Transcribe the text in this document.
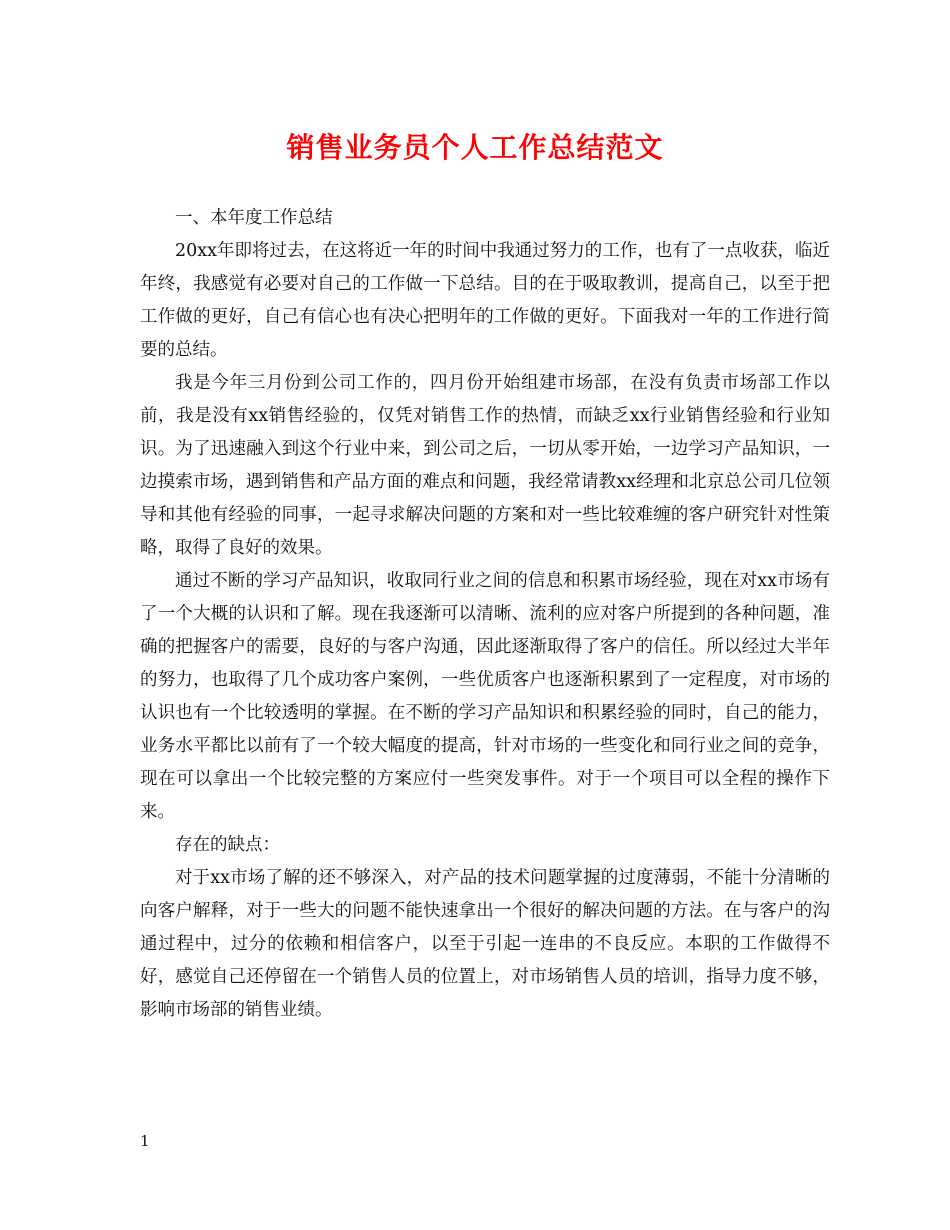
销售业务员个人工作总结范文

一、本年度工作总结

20xx年即将过去，在这将近一年的时间中我通过努力的工作，也有了一点收获，临近年终，我感觉有必要对自己的工作做一下总结。目的在于吸取教训，提高自己，以至于把工作做的更好，自己有信心也有决心把明年的工作做的更好。下面我对一年的工作进行简要的总结。

我是今年三月份到公司工作的，四月份开始组建市场部，在没有负责市场部工作以前，我是没有xx销售经验的，仅凭对销售工作的热情，而缺乏xx行业销售经验和行业知识。为了迅速融入到这个行业中来，到公司之后，一切从零开始，一边学习产品知识，一边摸索市场，遇到销售和产品方面的难点和问题，我经常请教xx经理和北京总公司几位领导和其他有经验的同事，一起寻求解决问题的方案和对一些比较难缠的客户研究针对性策略，取得了良好的效果。

通过不断的学习产品知识，收取同行业之间的信息和积累市场经验，现在对xx市场有了一个大概的认识和了解。现在我逐渐可以清晰、流利的应对客户所提到的各种问题，准确的把握客户的需要，良好的与客户沟通，因此逐渐取得了客户的信任。所以经过大半年的努力，也取得了几个成功客户案例，一些优质客户也逐渐积累到了一定程度，对市场的认识也有一个比较透明的掌握。在不断的学习产品知识和积累经验的同时，自己的能力，业务水平都比以前有了一个较大幅度的提高，针对市场的一些变化和同行业之间的竞争，现在可以拿出一个比较完整的方案应付一些突发事件。对于一个项目可以全程的操作下来。

存在的缺点：

对于xx市场了解的还不够深入，对产品的技术问题掌握的过度薄弱，不能十分清晰的向客户解释，对于一些大的问题不能快速拿出一个很好的解决问题的方法。在与客户的沟通过程中，过分的依赖和相信客户，以至于引起一连串的不良反应。本职的工作做得不好，感觉自己还停留在一个销售人员的位置上，对市场销售人员的培训，指导力度不够，影响市场部的销售业绩。

1
